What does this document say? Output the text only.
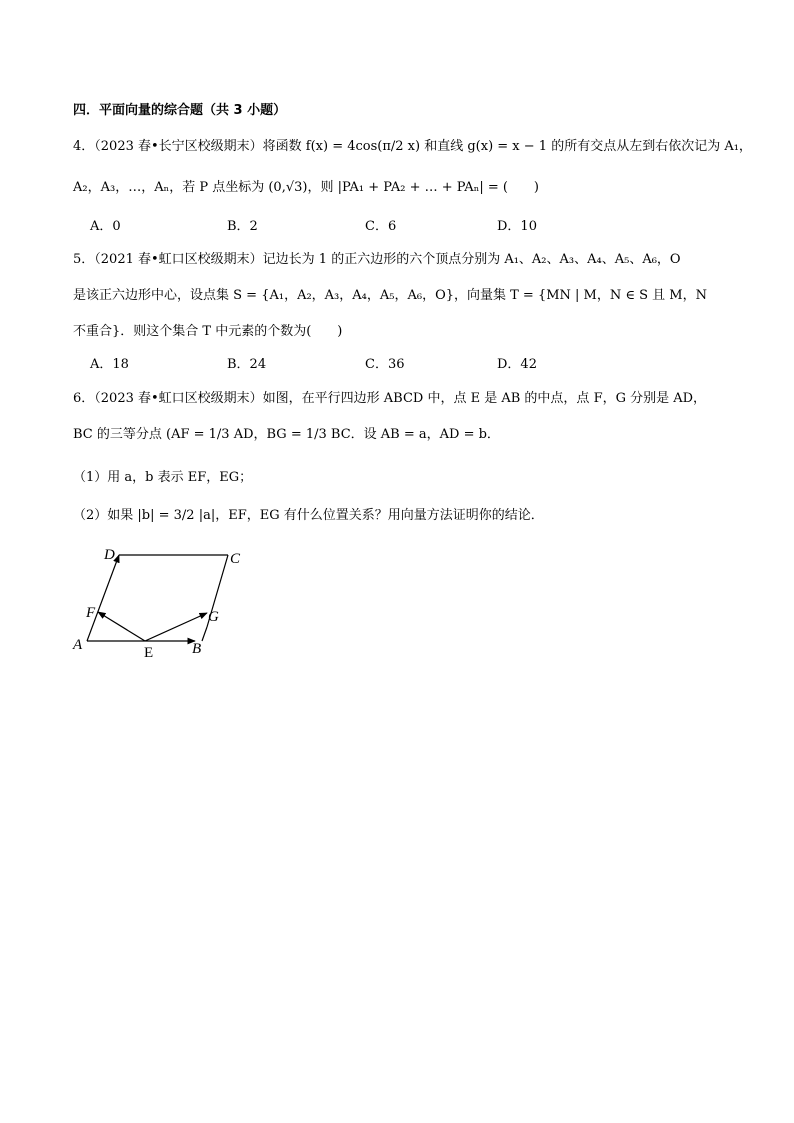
四．平面向量的综合题（共 3 小题）
4．（2023 春•长宁区校级期末）将函数 f(x) = 4cos(π/2 x) 和直线 g(x) = x − 1 的所有交点从左到右依次记为 A₁，
A₂，A₃，…，Aₙ，若 P 点坐标为 (0,√3)，则 |PA₁ + PA₂ + … + PAₙ| = (　　)
A．0	B．2	C．6	D．10
5．（2021 春•虹口区校级期末）记边长为 1 的正六边形的六个顶点分别为 A₁、A₂、A₃、A₄、A₅、A₆，O
是该正六边形中心，设点集 S = {A₁，A₂，A₃，A₄，A₅，A₆，O}，向量集 T = {MN | M，N ∈ S 且 M，N
不重合}．则这个集合 T 中元素的个数为(　　)
A．18	B．24	C．36	D．42
6．（2023 春•虹口区校级期末）如图，在平行四边形 ABCD 中，点 E 是 AB 的中点，点 F，G 分别是 AD，
BC 的三等分点 (AF = 1/3 AD，BG = 1/3 BC．设 AB = a，AD = b．
（1）用 a，b 表示 EF，EG；
（2）如果 |b| = 3/2 |a|，EF，EG 有什么位置关系？用向量方法证明你的结论．
D	C
F	G
A	E	B
